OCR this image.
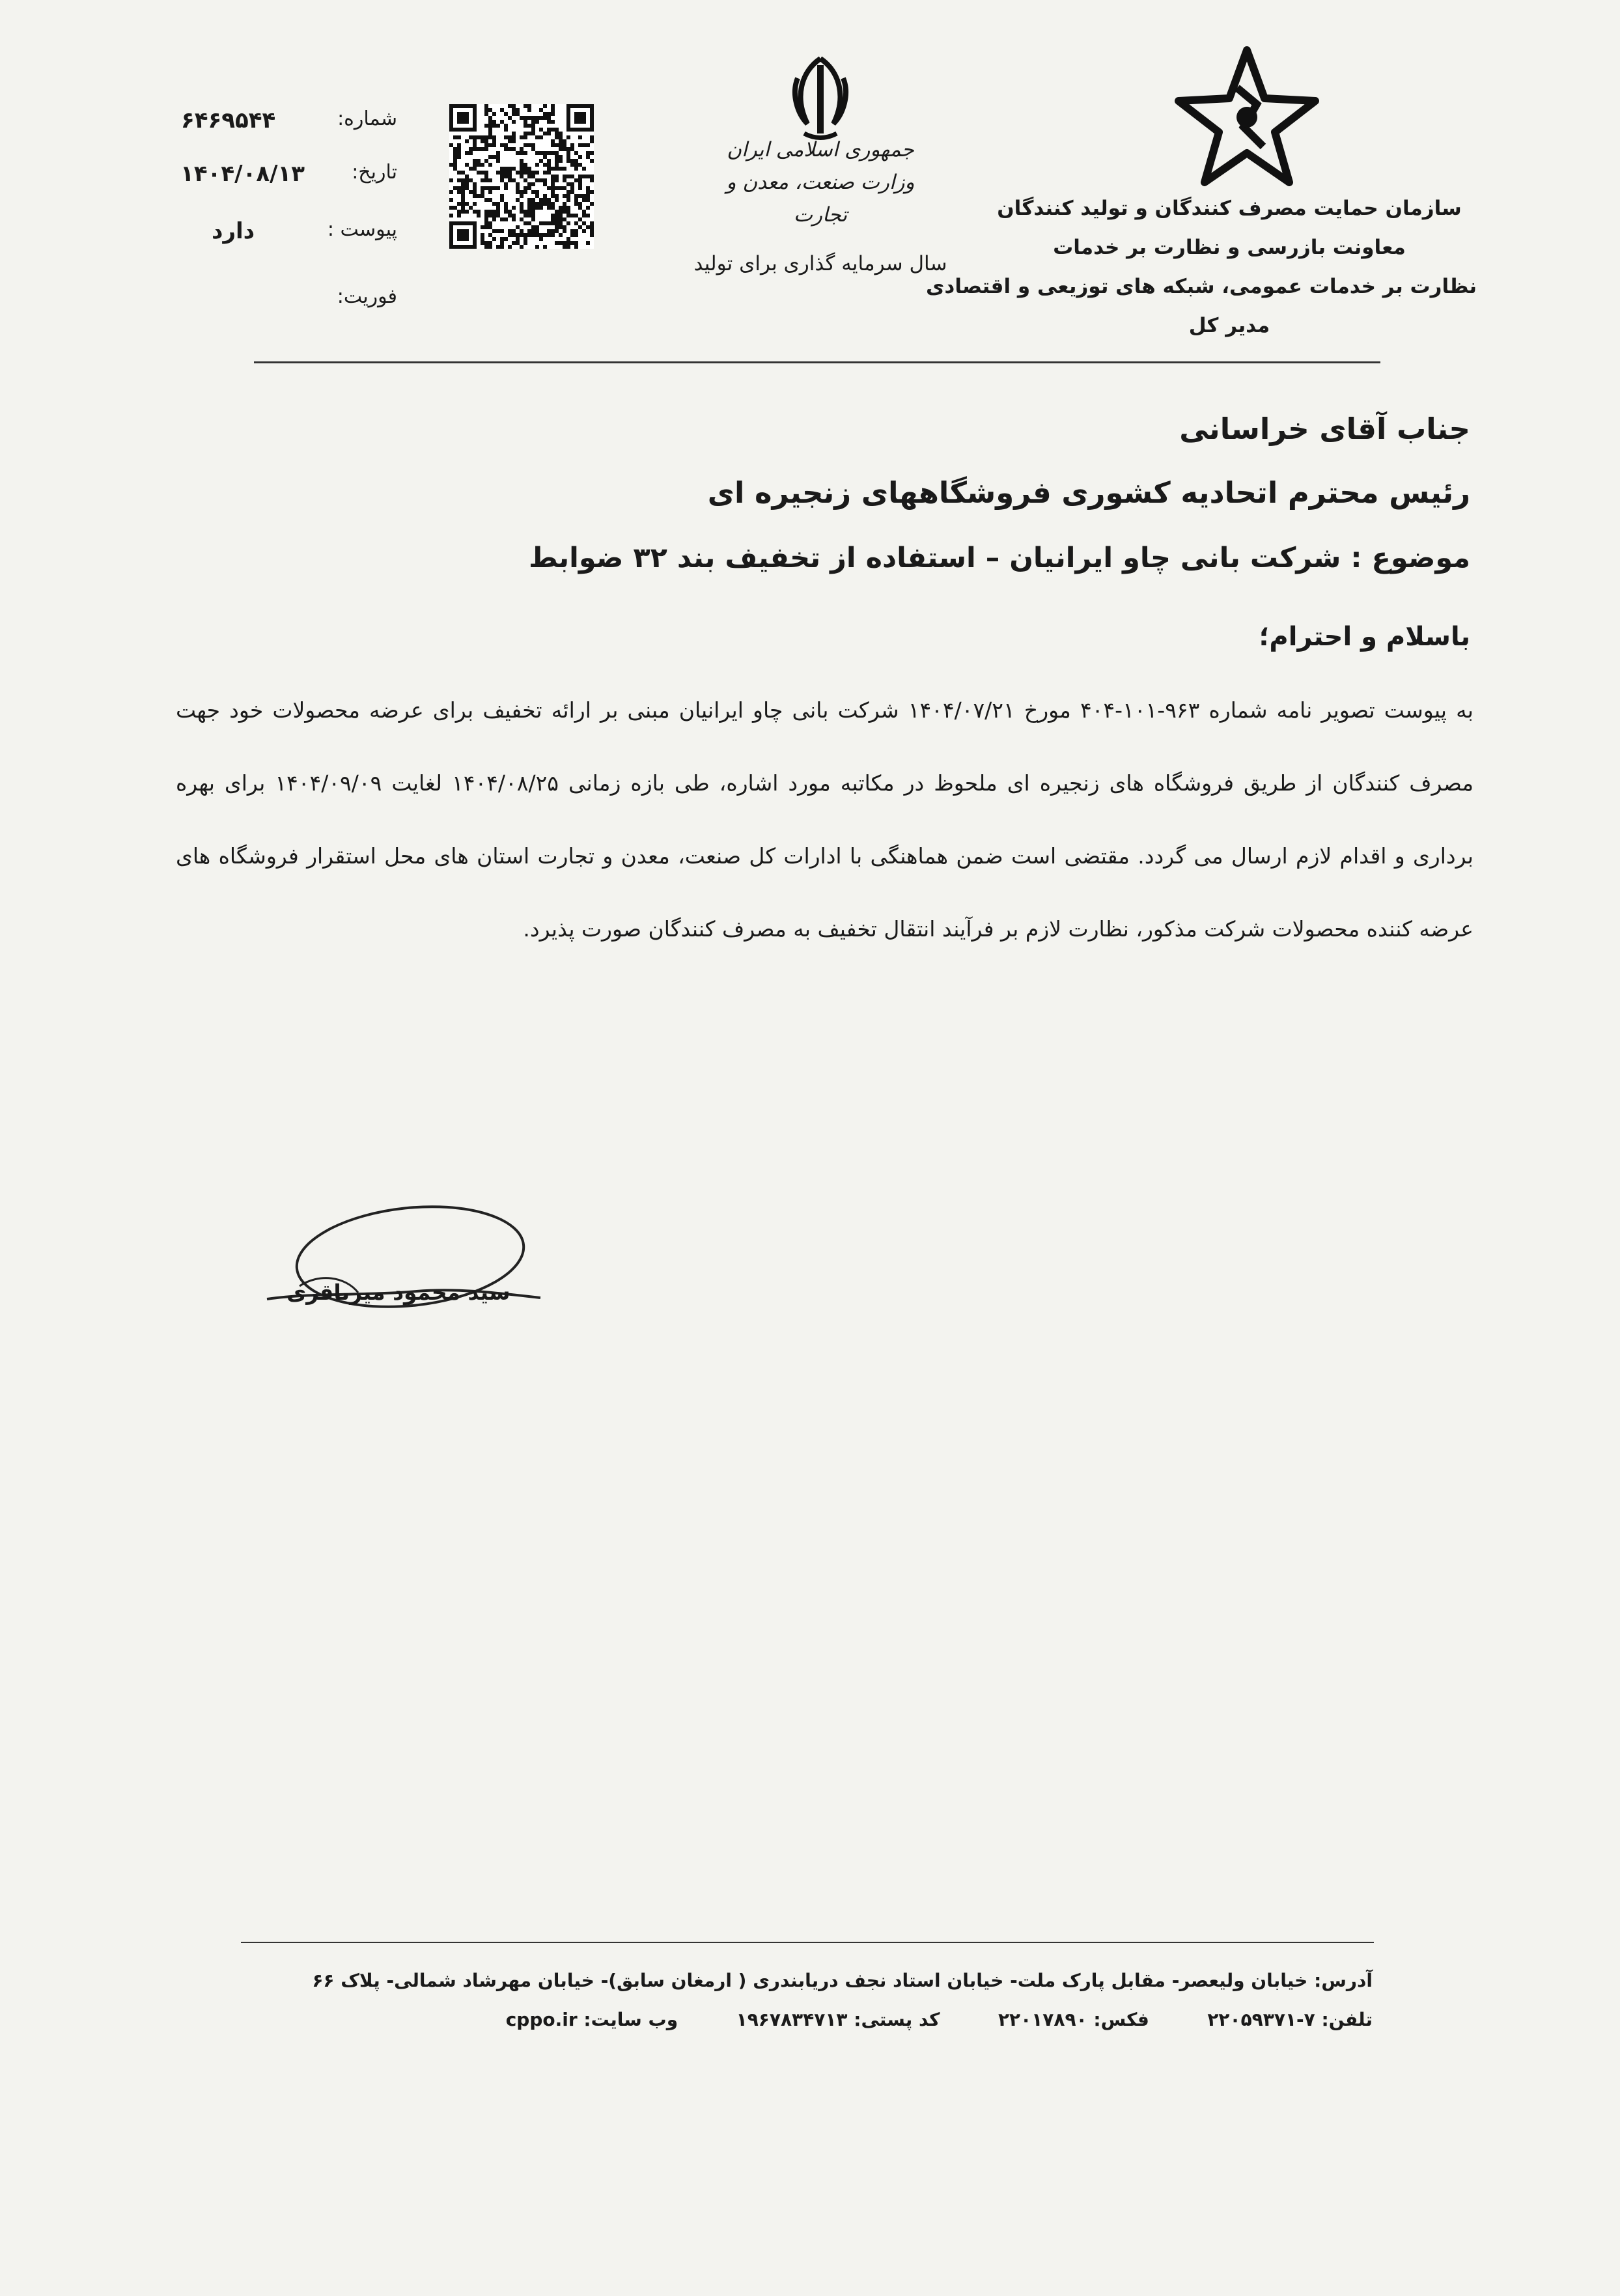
سازمان حمایت مصرف کنندگان و تولید کنندگان
معاونت بازرسی و نظارت بر خدمات
نظارت بر خدمات عمومی، شبکه های توزیعی و اقتصادی
مدیر کل
جمهوری اسلامی ایران
وزارت صنعت، معدن و تجارت
سال سرمایه گذاری برای تولید
شماره:
۶۴۶۹۵۴۴
تاریخ:
۱۴۰۴/۰۸/۱۳
پیوست :
دارد
فوریت:
جناب آقای خراسانی
رئیس محترم اتحادیه کشوری فروشگاههای زنجیره ای
موضوع : شرکت بانی چاو ایرانیان – استفاده از تخفیف بند ۳۲ ضوابط
باسلام و احترام؛
به پیوست تصویر نامه شماره ۹۶۳-۱۰۱-۴۰۴ مورخ ۱۴۰۴/۰۷/۲۱ شرکت بانی چاو ایرانیان مبنی بر ارائه تخفیف برای عرضه محصولات خود جهت مصرف کنندگان از طریق فروشگاه های زنجیره ای ملحوظ در مکاتبه مورد اشاره، طی بازه زمانی ۱۴۰۴/۰۸/۲۵ لغایت ۱۴۰۴/۰۹/۰۹ برای بهره برداری و اقدام لازم ارسال می گردد. مقتضی است ضمن هماهنگی با ادارات کل صنعت، معدن و تجارت استان های محل استقرار فروشگاه های عرضه کننده محصولات شرکت مذکور، نظارت لازم بر فرآیند انتقال تخفیف به مصرف کنندگان صورت پذیرد.
سید محمود میرباقری
آدرس: خیابان ولیعصر- مقابل پارک ملت- خیابان استاد نجف دریابندری ( ارمغان سابق)- خیابان مهرشاد شمالی- پلاک ۶۶
تلفن: ۷-۲۲۰۵۹۳۷۱  فکس: ۲۲۰۱۷۸۹۰  کد پستی: ۱۹۶۷۸۳۴۷۱۳  وب سایت: cppo.ir
